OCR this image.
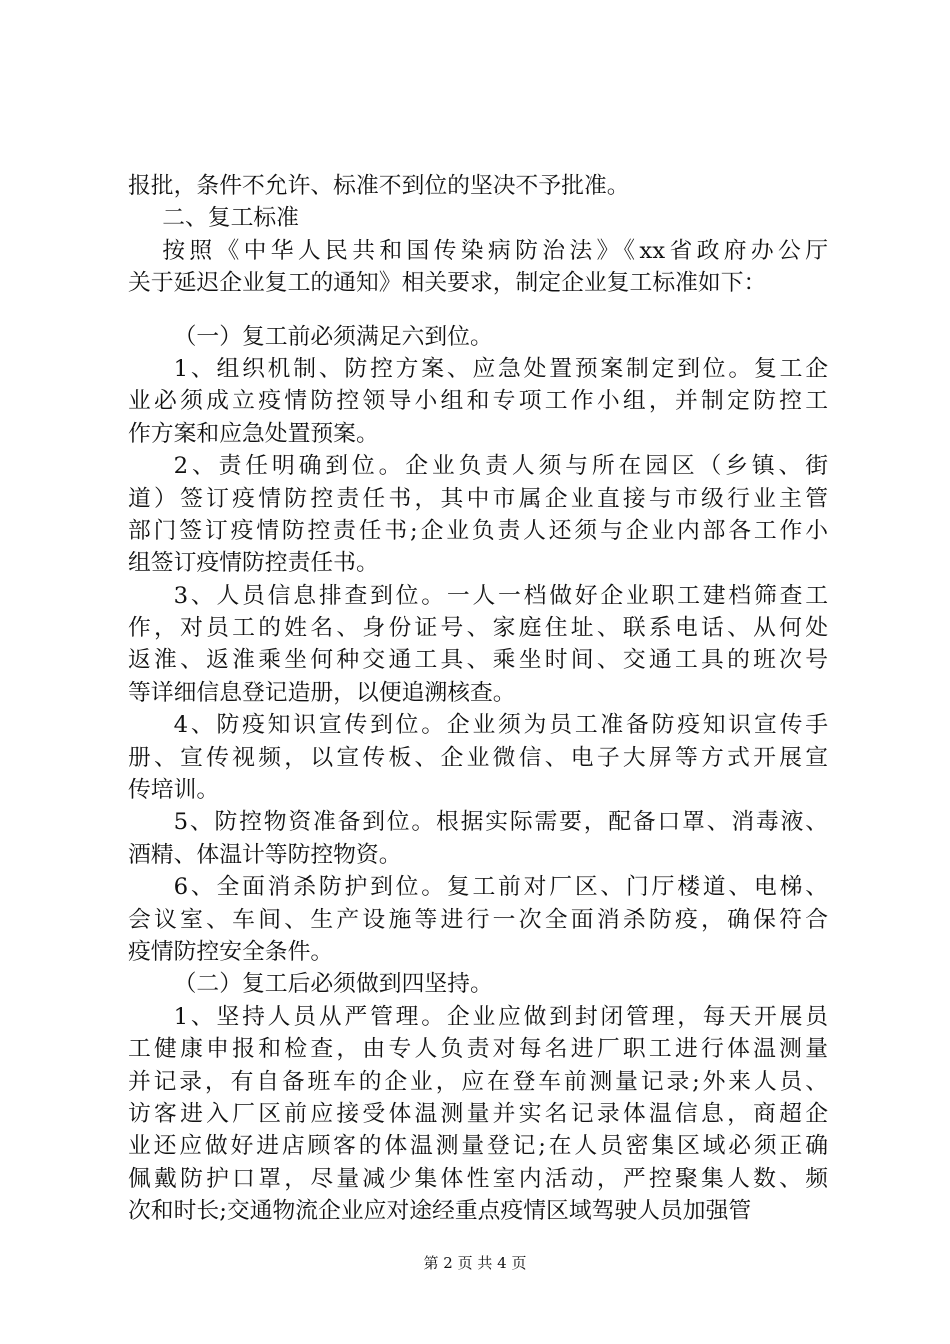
报批，条件不允许、标准不到位的坚决不予批准。
二、复工标准
按照《中华人民共和国传染病防治法》《xx省政府办公厅
关于延迟企业复工的通知》相关要求，制定企业复工标准如下：
（一）复工前必须满足六到位。
1、组织机制、防控方案、应急处置预案制定到位。复工企
业必须成立疫情防控领导小组和专项工作小组，并制定防控工
作方案和应急处置预案。
2、责任明确到位。企业负责人须与所在园区（乡镇、街
道）签订疫情防控责任书，其中市属企业直接与市级行业主管
部门签订疫情防控责任书;企业负责人还须与企业内部各工作小
组签订疫情防控责任书。
3、人员信息排查到位。一人一档做好企业职工建档筛查工
作，对员工的姓名、身份证号、家庭住址、联系电话、从何处
返淮、返淮乘坐何种交通工具、乘坐时间、交通工具的班次号
等详细信息登记造册，以便追溯核查。
4、防疫知识宣传到位。企业须为员工准备防疫知识宣传手
册、宣传视频，以宣传板、企业微信、电子大屏等方式开展宣
传培训。
5、防控物资准备到位。根据实际需要，配备口罩、消毒液、
酒精、体温计等防控物资。
6、全面消杀防护到位。复工前对厂区、门厅楼道、电梯、
会议室、车间、生产设施等进行一次全面消杀防疫，确保符合
疫情防控安全条件。
（二）复工后必须做到四坚持。
1、坚持人员从严管理。企业应做到封闭管理，每天开展员
工健康申报和检查，由专人负责对每名进厂职工进行体温测量
并记录，有自备班车的企业，应在登车前测量记录;外来人员、
访客进入厂区前应接受体温测量并实名记录体温信息，商超企
业还应做好进店顾客的体温测量登记;在人员密集区域必须正确
佩戴防护口罩，尽量减少集体性室内活动，严控聚集人数、频
次和时长;交通物流企业应对途经重点疫情区域驾驶人员加强管
第 2 页 共 4 页
